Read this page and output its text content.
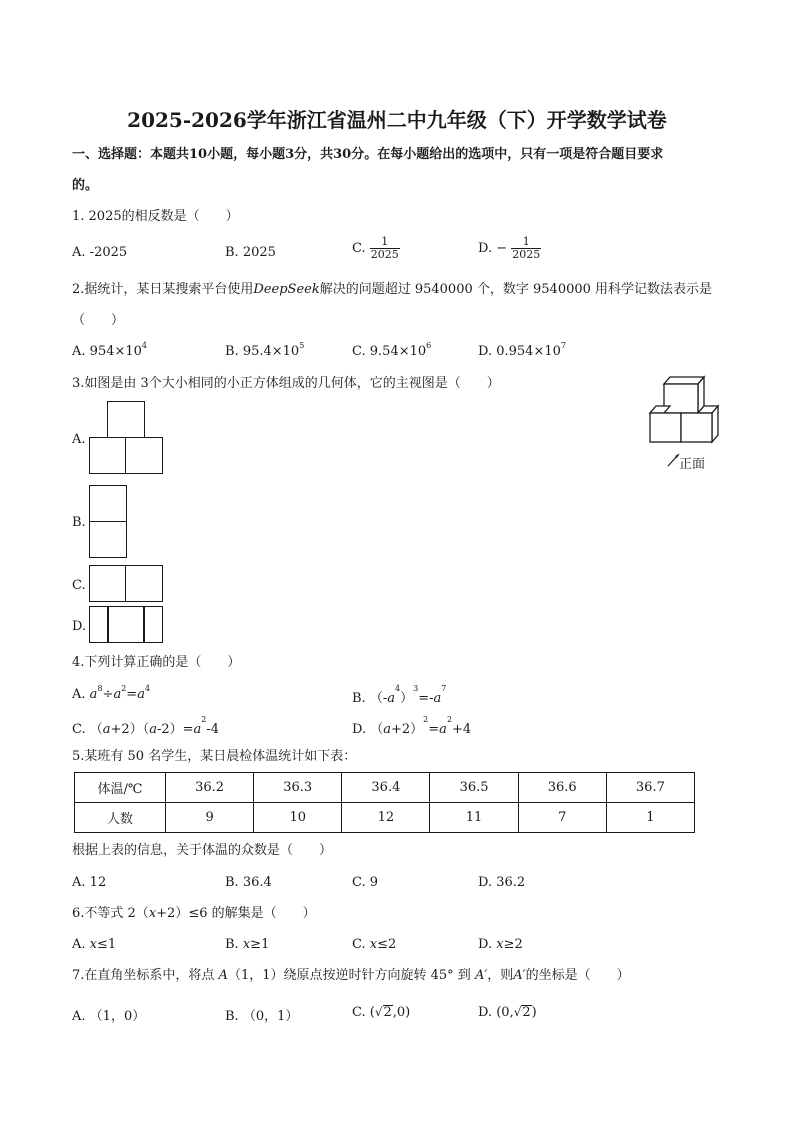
2025-2026学年浙江省温州二中九年级（下）开学数学试卷
一、选择题：本题共10小题，每小题3分，共30分。在每小题给出的选项中，只有一项是符合题目要求
的。
1. 2025的相反数是（　　）
A. -2025	B. 2025	C. $\frac{1}{2025}$	D. − $\frac{1}{2025}$
2.据统计，某日某搜索平台使用DeepSeek解决的问题超过 9540000 个，数字 9540000 用科学记数法表示是
（　　）
A. $954\times 10^4$	B. $95.4\times 10^5$	C. $9.54\times 10^6$	D. $0.954\times 10^7$
3.如图是由 3个大小相同的小正方体组成的几何体，它的主视图是（　　）
正面
A.
B.
C.
D.
4.下列计算正确的是（　　）
A. $a^8\div a^2=a^4$
B. $(-a^4)^3=-a^7$
C. $(a+2)(a-2)=a^2-4$	D. $(a+2)^2=a^2+4$
5.某班有 50 名学生，某日晨检体温统计如下表：
体温/℃	36.2	36.3	36.4	36.5	36.6	36.7
人数	9	10	12	11	7	1
根据上表的信息，关于体温的众数是（　　）
A. 12	B. 36.4	C. 9	D. 36.2
6.不等式 2（x+2）≤6 的解集是（　　）
A. x≤1	B. x≥1	C. x≤2	D. x≥2
7.在直角坐标系中，将点 A（1，1）绕原点按逆时针方向旋转 45° 到 A′，则A′的坐标是（　　）
A. （1，0）	B. （0，1）	C. (√2,0)	D. (0,√2)
